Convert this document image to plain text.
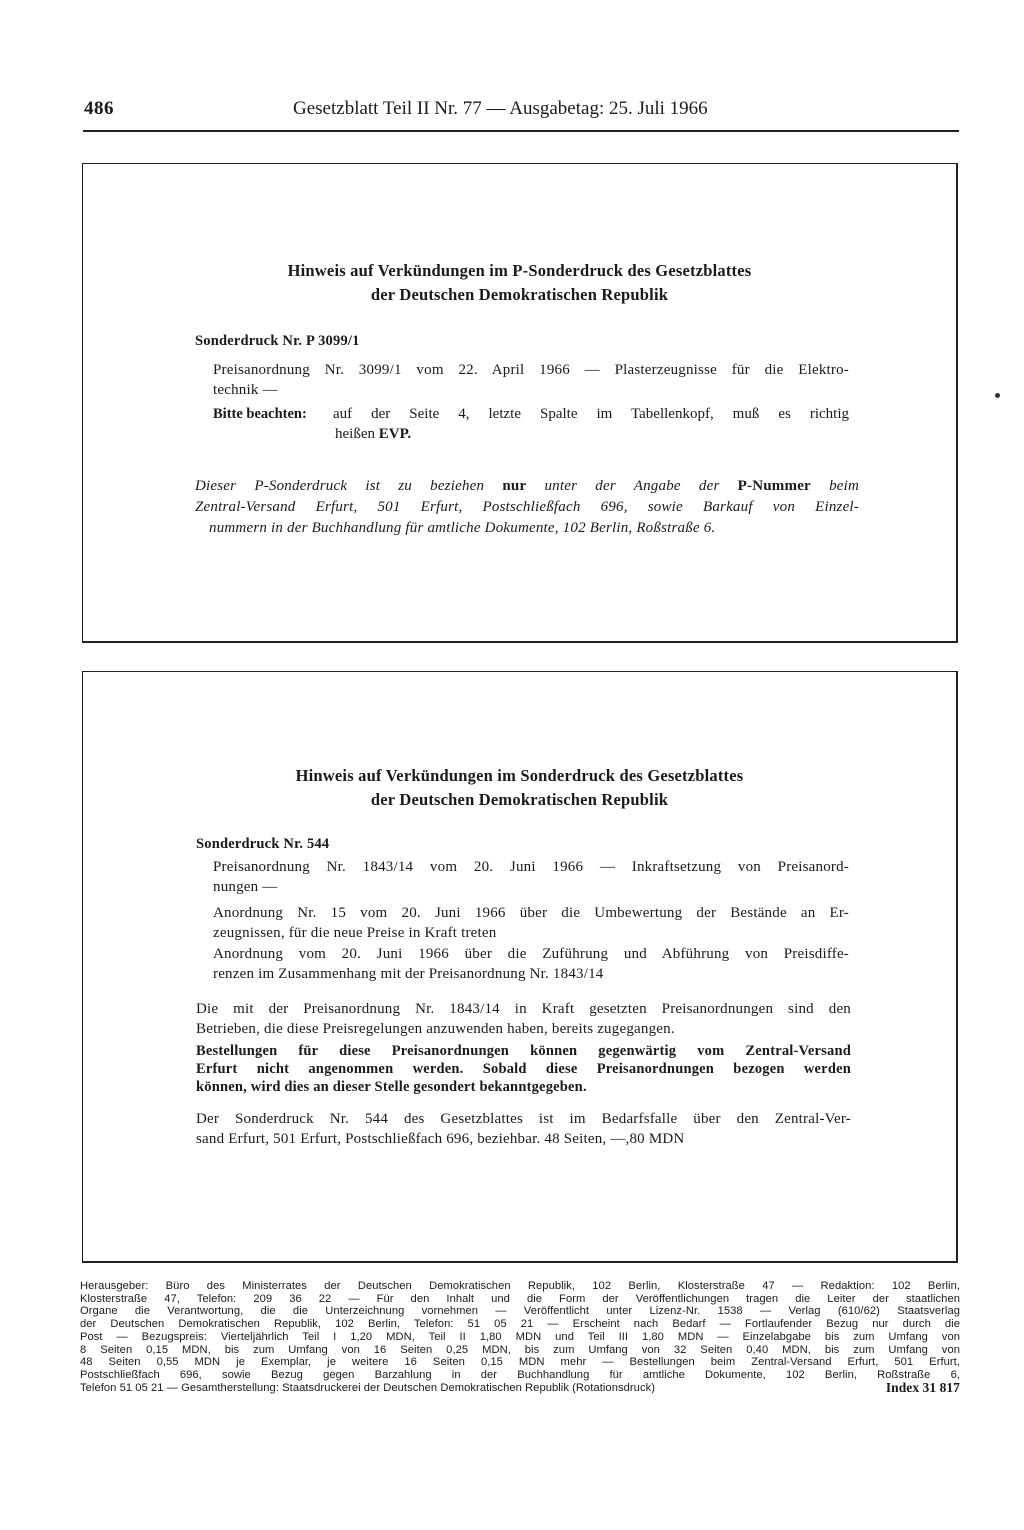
486	Gesetzblatt Teil II Nr. 77 — Ausgabetag: 25. Juli 1966
Hinweis auf Verkündungen im P-Sonderdruck des Gesetzblattes
der Deutschen Demokratischen Republik
Sonderdruck Nr. P 3099/1
Preisanordnung Nr. 3099/1 vom 22. April 1966 — Plasterzeugnisse für die Elektro-
technik —
Bitte beachten: auf der Seite 4, letzte Spalte im Tabellenkopf, muß es richtig
heißen EVP.
Dieser P-Sonderdruck ist zu beziehen nur unter der Angabe der P-Nummer beim
Zentral-Versand Erfurt, 501 Erfurt, Postschließfach 696, sowie Barkauf von Einzel-
nummern in der Buchhandlung für amtliche Dokumente, 102 Berlin, Roßstraße 6.
Hinweis auf Verkündungen im Sonderdruck des Gesetzblattes
der Deutschen Demokratischen Republik
Sonderdruck Nr. 544
Preisanordnung Nr. 1843/14 vom 20. Juni 1966 — Inkraftsetzung von Preisanord-
nungen —
Anordnung Nr. 15 vom 20. Juni 1966 über die Umbewertung der Bestände an Er-
zeugnissen, für die neue Preise in Kraft treten
Anordnung vom 20. Juni 1966 über die Zuführung und Abführung von Preisdiffe-
renzen im Zusammenhang mit der Preisanordnung Nr. 1843/14
Die mit der Preisanordnung Nr. 1843/14 in Kraft gesetzten Preisanordnungen sind den
Betrieben, die diese Preisregelungen anzuwenden haben, bereits zugegangen.
Bestellungen für diese Preisanordnungen können gegenwärtig vom Zentral-Versand
Erfurt nicht angenommen werden. Sobald diese Preisanordnungen bezogen werden
können, wird dies an dieser Stelle gesondert bekanntgegeben.
Der Sonderdruck Nr. 544 des Gesetzblattes ist im Bedarfsfalle über den Zentral-Ver-
sand Erfurt, 501 Erfurt, Postschließfach 696, beziehbar. 48 Seiten, —,80 MDN
Herausgeber: Büro des Ministerrates der Deutschen Demokratischen Republik, 102 Berlin, Klosterstraße 47 — Redaktion: 102 Berlin,
Klosterstraße 47, Telefon: 209 36 22 — Für den Inhalt und die Form der Veröffentlichungen tragen die Leiter der staatlichen
Organe die Verantwortung, die die Unterzeichnung vornehmen — Veröffentlicht unter Lizenz-Nr. 1538 — Verlag (610/62) Staatsverlag
der Deutschen Demokratischen Republik, 102 Berlin, Telefon: 51 05 21 — Erscheint nach Bedarf — Fortlaufender Bezug nur durch die
Post — Bezugspreis: Vierteljährlich Teil I 1,20 MDN, Teil II 1,80 MDN und Teil III 1,80 MDN — Einzelabgabe bis zum Umfang von
8 Seiten 0,15 MDN, bis zum Umfang von 16 Seiten 0,25 MDN, bis zum Umfang von 32 Seiten 0,40 MDN, bis zum Umfang von
48 Seiten 0,55 MDN je Exemplar, je weitere 16 Seiten 0,15 MDN mehr — Bestellungen beim Zentral-Versand Erfurt, 501 Erfurt,
Postschließfach 696, sowie Bezug gegen Barzahlung in der Buchhandlung für amtliche Dokumente, 102 Berlin, Roßstraße 6,
Telefon 51 05 21 — Gesamtherstellung: Staatsdruckerei der Deutschen Demokratischen Republik (Rotationsdruck)	Index 31 817
